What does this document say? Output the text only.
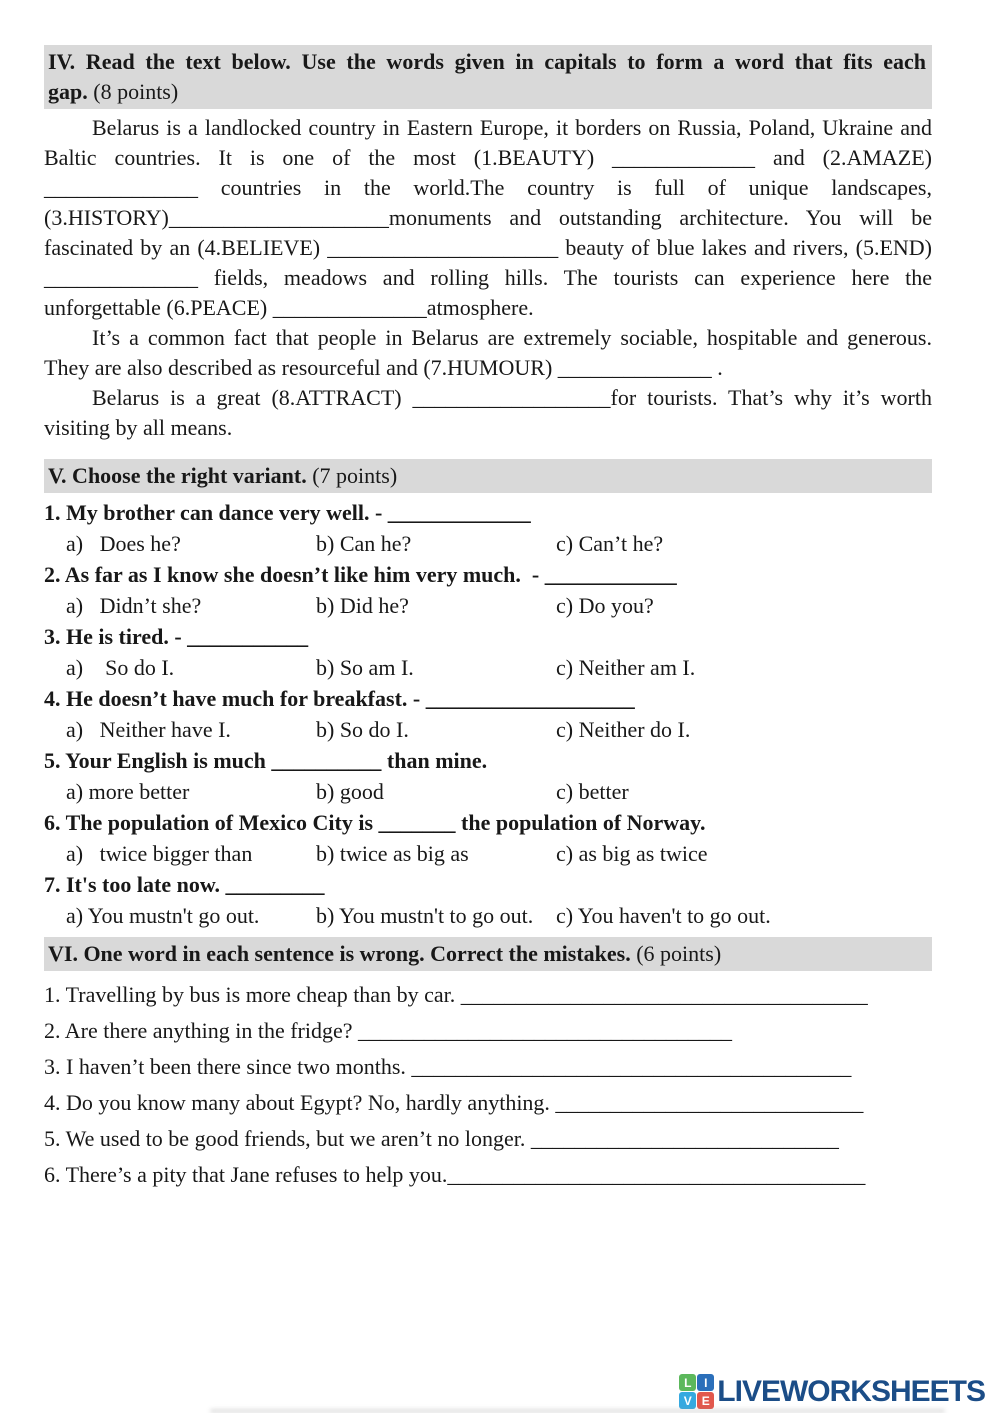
IV. Read the text below. Use the words given in capitals to form a word that fits each
gap. (8 points)

Belarus is a landlocked country in Eastern Europe, it borders on Russia, Poland, Ukraine and Baltic countries. It is one of the most (1.BEAUTY) _____________ and (2.AMAZE) ______________ countries in the world.The country is full of unique landscapes, (3.HISTORY)____________________monuments and outstanding architecture. You will be fascinated by an (4.BELIEVE) _____________________ beauty of blue lakes and rivers, (5.END) ______________ fields, meadows and rolling hills. The tourists can experience here the unforgettable (6.PEACE) ______________atmosphere.

It’s a common fact that people in Belarus are extremely sociable, hospitable and generous. They are also described as resourceful and (7.HUMOUR) ______________ .

Belarus is a great (8.ATTRACT) __________________for tourists. That’s why it’s worth visiting by all means.

V. Choose the right variant. (7 points)
1. My brother can dance very well. - _____________
a)   Does he?	b) Can he?	c) Can’t he?
2. As far as I know she doesn’t like him very much.  - ____________
a)   Didn’t she?	b) Did he?	c) Do you?
3. He is tired. - ___________
a)    So do I.	b) So am I.	c) Neither am I.
4. He doesn’t have much for breakfast. - ___________________
a)   Neither have I.	b) So do I.	c) Neither do I.
5. Your English is much __________ than mine.
a) more better	b) good	c) better
6. The population of Mexico City is _______ the population of Norway.
a)   twice bigger than	b) twice as big as	c) as big as twice
7. It's too late now. _________
a) You mustn't go out.	b) You mustn't to go out.	c) You haven't to go out.
VI. One word in each sentence is wrong. Correct the mistakes. (6 points)

1. Travelling by bus is more cheap than by car. _____________________________________

2. Are there anything in the fridge? __________________________________

3. I haven’t been there since two months. ________________________________________

4. Do you know many about Egypt? No, hardly anything. ____________________________

5. We used to be good friends, but we aren’t no longer. ____________________________

6. There’s a pity that Jane refuses to help you.______________________________________

L	I
V E LIVEWORKSHEETS
